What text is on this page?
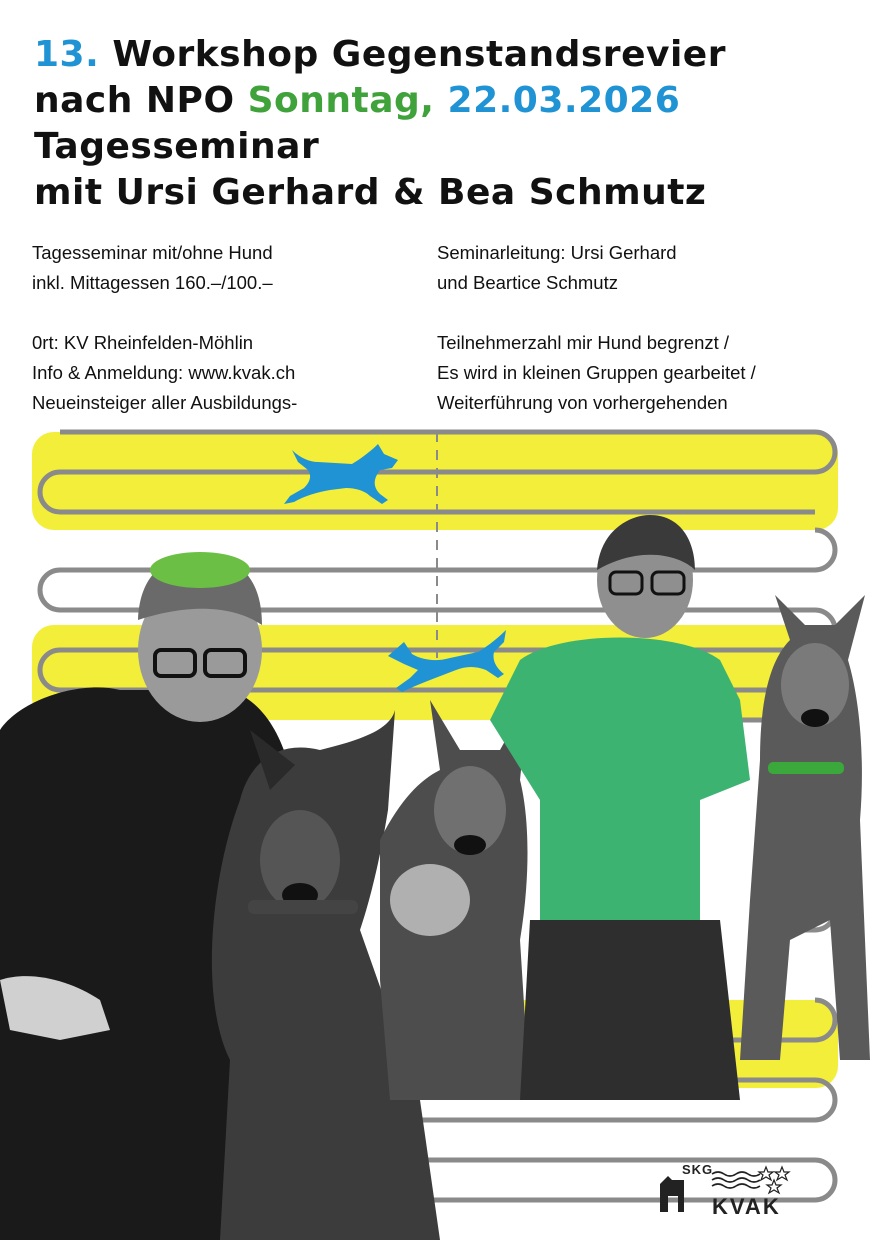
13. Workshop Gegenstandsrevier
nach NPO Sonntag, 22.03.2026
Tagesseminar
mit Ursi Gerhard & Bea Schmutz
Tagesseminar mit/ohne Hund
inkl. Mittagessen 160.–/100.–
0rt: KV Rheinfelden-Möhlin
Info & Anmeldung: www.kvak.ch
Neueinsteiger aller Ausbildungs-
Seminarleitung: Ursi Gerhard
und Beartice Schmutz
Teilnehmerzahl mir Hund begrenzt /
Es wird in kleinen Gruppen gearbeitet /
Weiterführung von vorhergehenden
SKG
KVAK
